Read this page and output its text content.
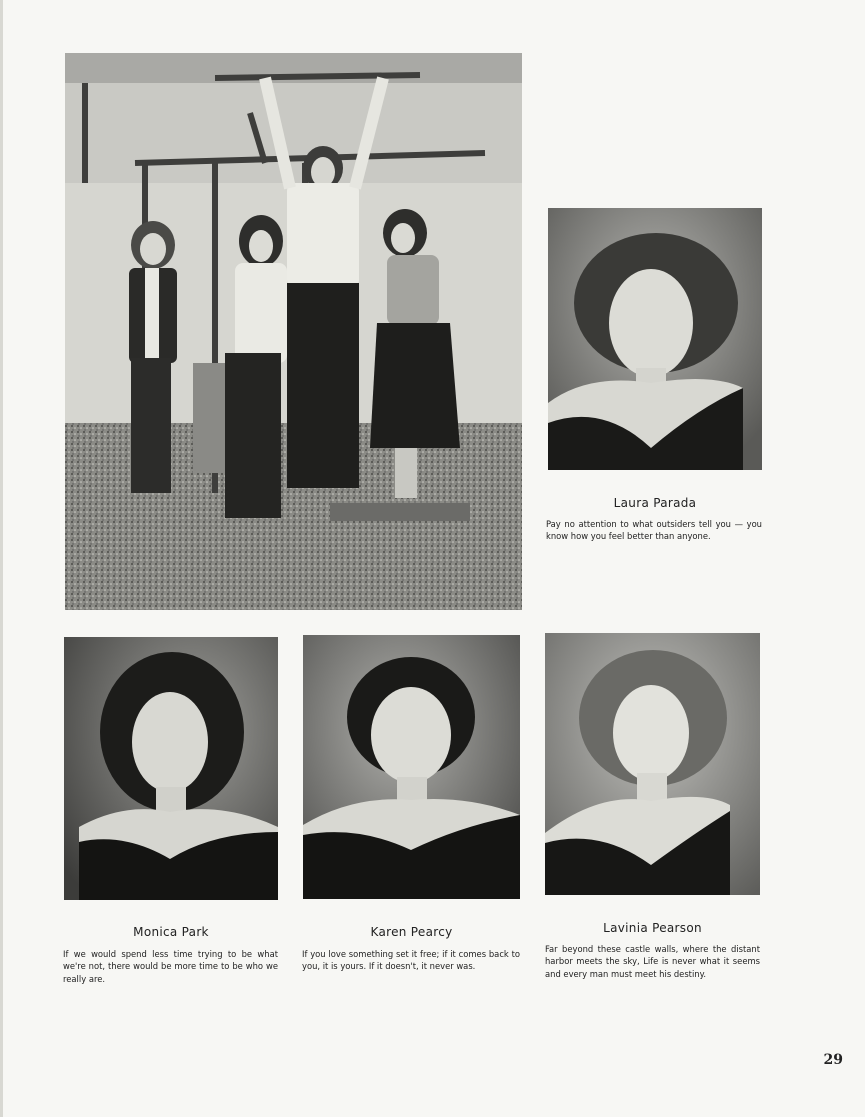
Laura Parada
Pay no attention to what outsiders tell you — you know how you feel better than anyone.
Monica Park
If we would spend less time trying to be what we're not, there would be more time to be who we really are.
Karen Pearcy
If you love something set it free; if it comes back to you, it is yours. If it doesn't, it never was.
Lavinia Pearson
Far beyond these castle walls, where the distant harbor meets the sky, Life is never what it seems and every man must meet his destiny.
29
